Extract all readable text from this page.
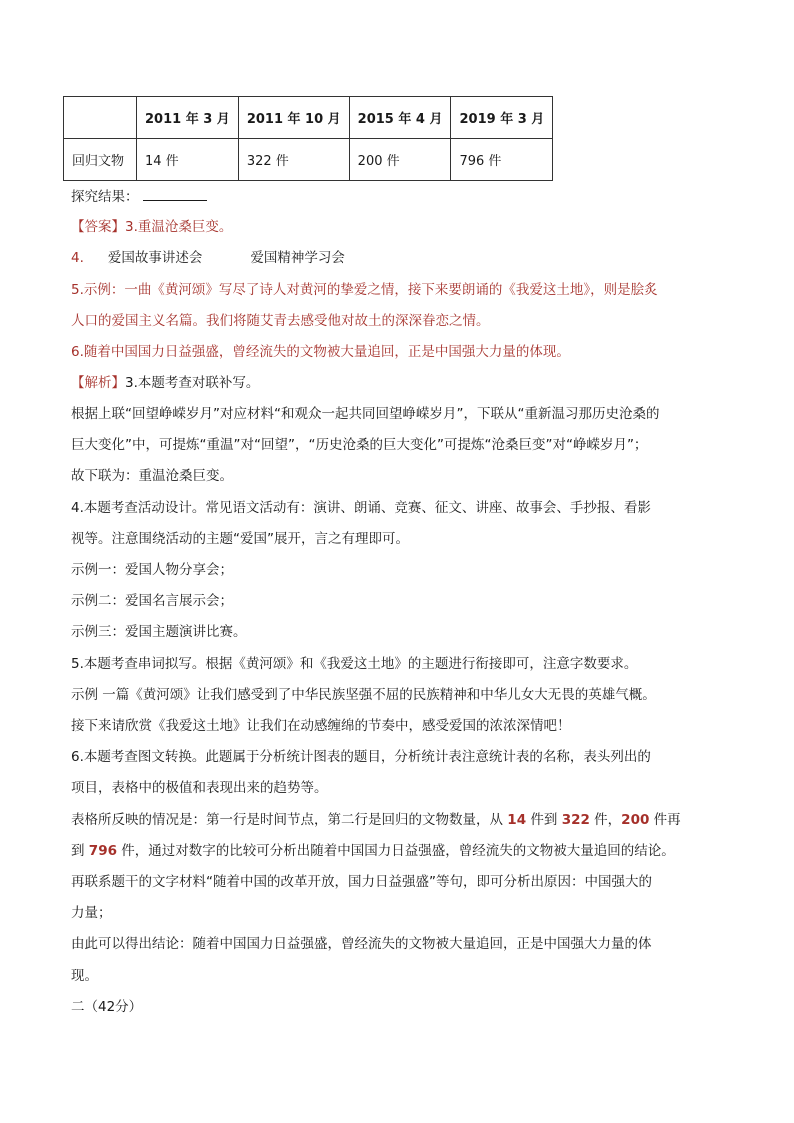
	2011 年 3 月	2011 年 10 月	2015 年 4 月	2019 年 3 月
回归文物	14 件	322 件	200 件	796 件
探究结果：
【答案】3.重温沧桑巨变。
4. 爱国故事讲述会	爱国精神学习会
5.示例：一曲《黄河颂》写尽了诗人对黄河的挚爱之情，接下来要朗诵的《我爱这土地》，则是脍炙
人口的爱国主义名篇。我们将随艾青去感受他对故土的深深眷恋之情。
6.随着中国国力日益强盛，曾经流失的文物被大量追回，正是中国强大力量的体现。
【解析】3.本题考查对联补写。
根据上联“回望峥嵘岁月”对应材料“和观众一起共同回望峥嵘岁月”，下联从“重新温习那历史沧桑的
巨大变化”中，可提炼“重温”对“回望”，“历史沧桑的巨大变化”可提炼“沧桑巨变”对“峥嵘岁月”；
故下联为：重温沧桑巨变。
4.本题考查活动设计。常见语文活动有：演讲、朗诵、竞赛、征文、讲座、故事会、手抄报、看影
视等。注意围绕活动的主题“爱国”展开，言之有理即可。
示例一：爱国人物分享会；
示例二：爱国名言展示会；
示例三：爱国主题演讲比赛。
5.本题考查串词拟写。根据《黄河颂》和《我爱这土地》的主题进行衔接即可，注意字数要求。
示例 一篇《黄河颂》让我们感受到了中华民族坚强不屈的民族精神和中华儿女大无畏的英雄气概。
接下来请欣赏《我爱这土地》让我们在动感缠绵的节奏中，感受爱国的浓浓深情吧！
6.本题考查图文转换。此题属于分析统计图表的题目，分析统计表注意统计表的名称，表头列出的
项目，表格中的极值和表现出来的趋势等。
表格所反映的情况是：第一行是时间节点，第二行是回归的文物数量，从 14 件到 322 件，200 件再
到 796 件，通过对数字的比较可分析出随着中国国力日益强盛，曾经流失的文物被大量追回的结论。
再联系题干的文字材料“随着中国的改革开放，国力日益强盛”等句，即可分析出原因：中国强大的
力量；
由此可以得出结论：随着中国国力日益强盛，曾经流失的文物被大量追回，正是中国强大力量的体
现。
二（42分）
